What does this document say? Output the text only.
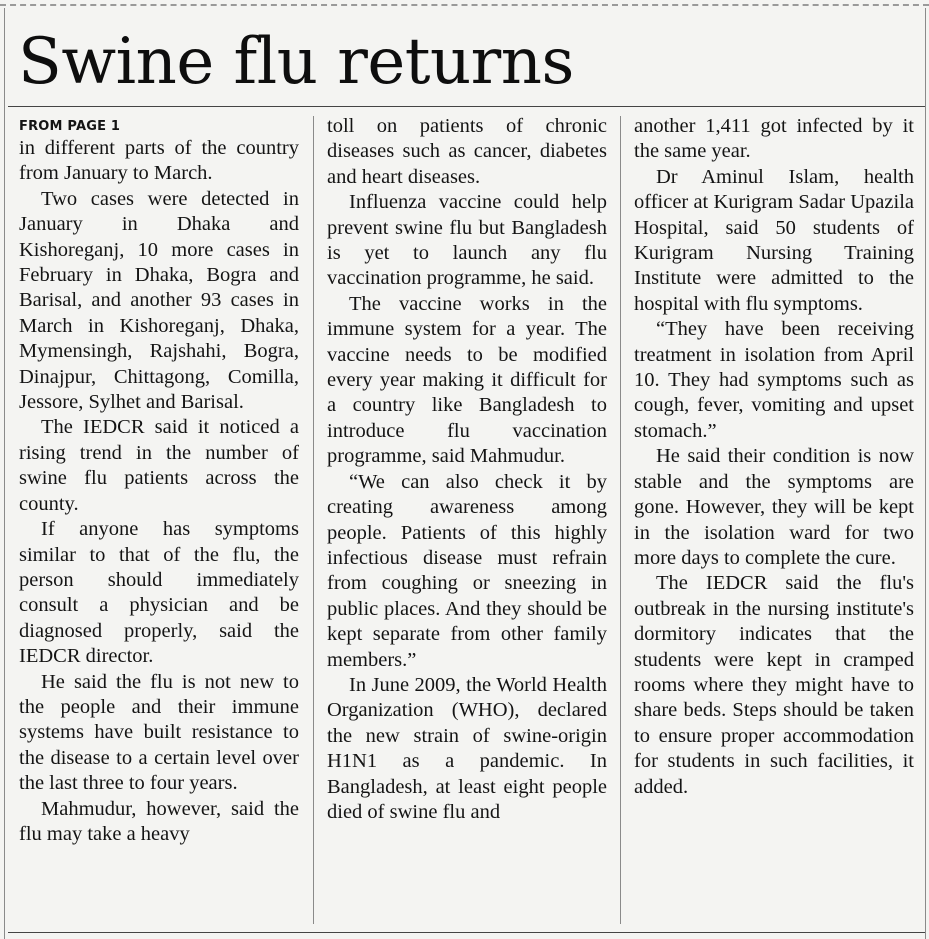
Swine flu returns
FROM PAGE 1

in different parts of the country from January to March.

Two cases were detected in January in Dhaka and Kishoreganj, 10 more cases in February in Dhaka, Bogra and Barisal, and another 93 cases in March in Kishoreganj, Dhaka, Mymensingh, Rajshahi, Bogra, Dinajpur, Chittagong, Comilla, Jessore, Sylhet and Barisal.

The IEDCR said it noticed a rising trend in the number of swine flu patients across the county.

If anyone has symptoms similar to that of the flu, the person should immediately consult a physician and be diagnosed properly, said the IEDCR director.

He said the flu is not new to the people and their immune systems have built resistance to the disease to a certain level over the last three to four years.

Mahmudur, however, said the flu may take a heavy

toll on patients of chronic diseases such as cancer, diabetes and heart diseases.

Influenza vaccine could help prevent swine flu but Bangladesh is yet to launch any flu vaccination programme, he said.

The vaccine works in the immune system for a year. The vaccine needs to be modified every year making it difficult for a country like Bangladesh to introduce flu vaccination programme, said Mahmudur.

“We can also check it by creating awareness among people. Patients of this highly infectious disease must refrain from coughing or sneezing in public places. And they should be kept separate from other family members.”

In June 2009, the World Health Organization (WHO), declared the new strain of swine-origin H1N1 as a pandemic. In Bangladesh, at least eight people died of swine flu and

another 1,411 got infected by it the same year.

Dr Aminul Islam, health officer at Kurigram Sadar Upazila Hospital, said 50 students of Kurigram Nursing Training Institute were admitted to the hospital with flu symptoms.

“They have been receiving treatment in isolation from April 10. They had symptoms such as cough, fever, vomiting and upset stomach.”

He said their condition is now stable and the symptoms are gone. However, they will be kept in the isolation ward for two more days to complete the cure.

The IEDCR said the flu's outbreak in the nursing institute's dormitory indicates that the students were kept in cramped rooms where they might have to share beds. Steps should be taken to ensure proper accommodation for students in such facilities, it added.
